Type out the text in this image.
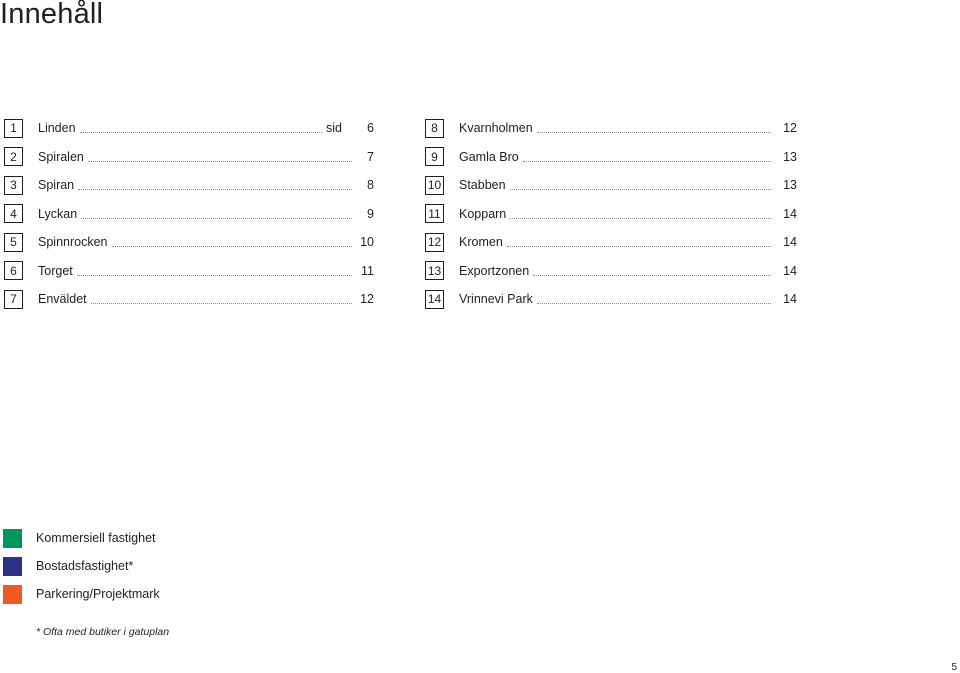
Innehåll
1	Linden	sid	6
2	Spiralen	7
3	Spiran	8
4	Lyckan	9
5	Spinnrocken	10
6	Torget	11
7	Enväldet	12
8	Kvarnholmen	12
9	Gamla Bro	13
10 Stabben	13
11 Kopparn	14
12 Kromen	14
13 Exportzonen	14
14 Vrinnevi Park	14
Kommersiell fastighet
Bostadsfastighet*
Parkering/Projektmark
* Ofta med butiker i gatuplan
5
